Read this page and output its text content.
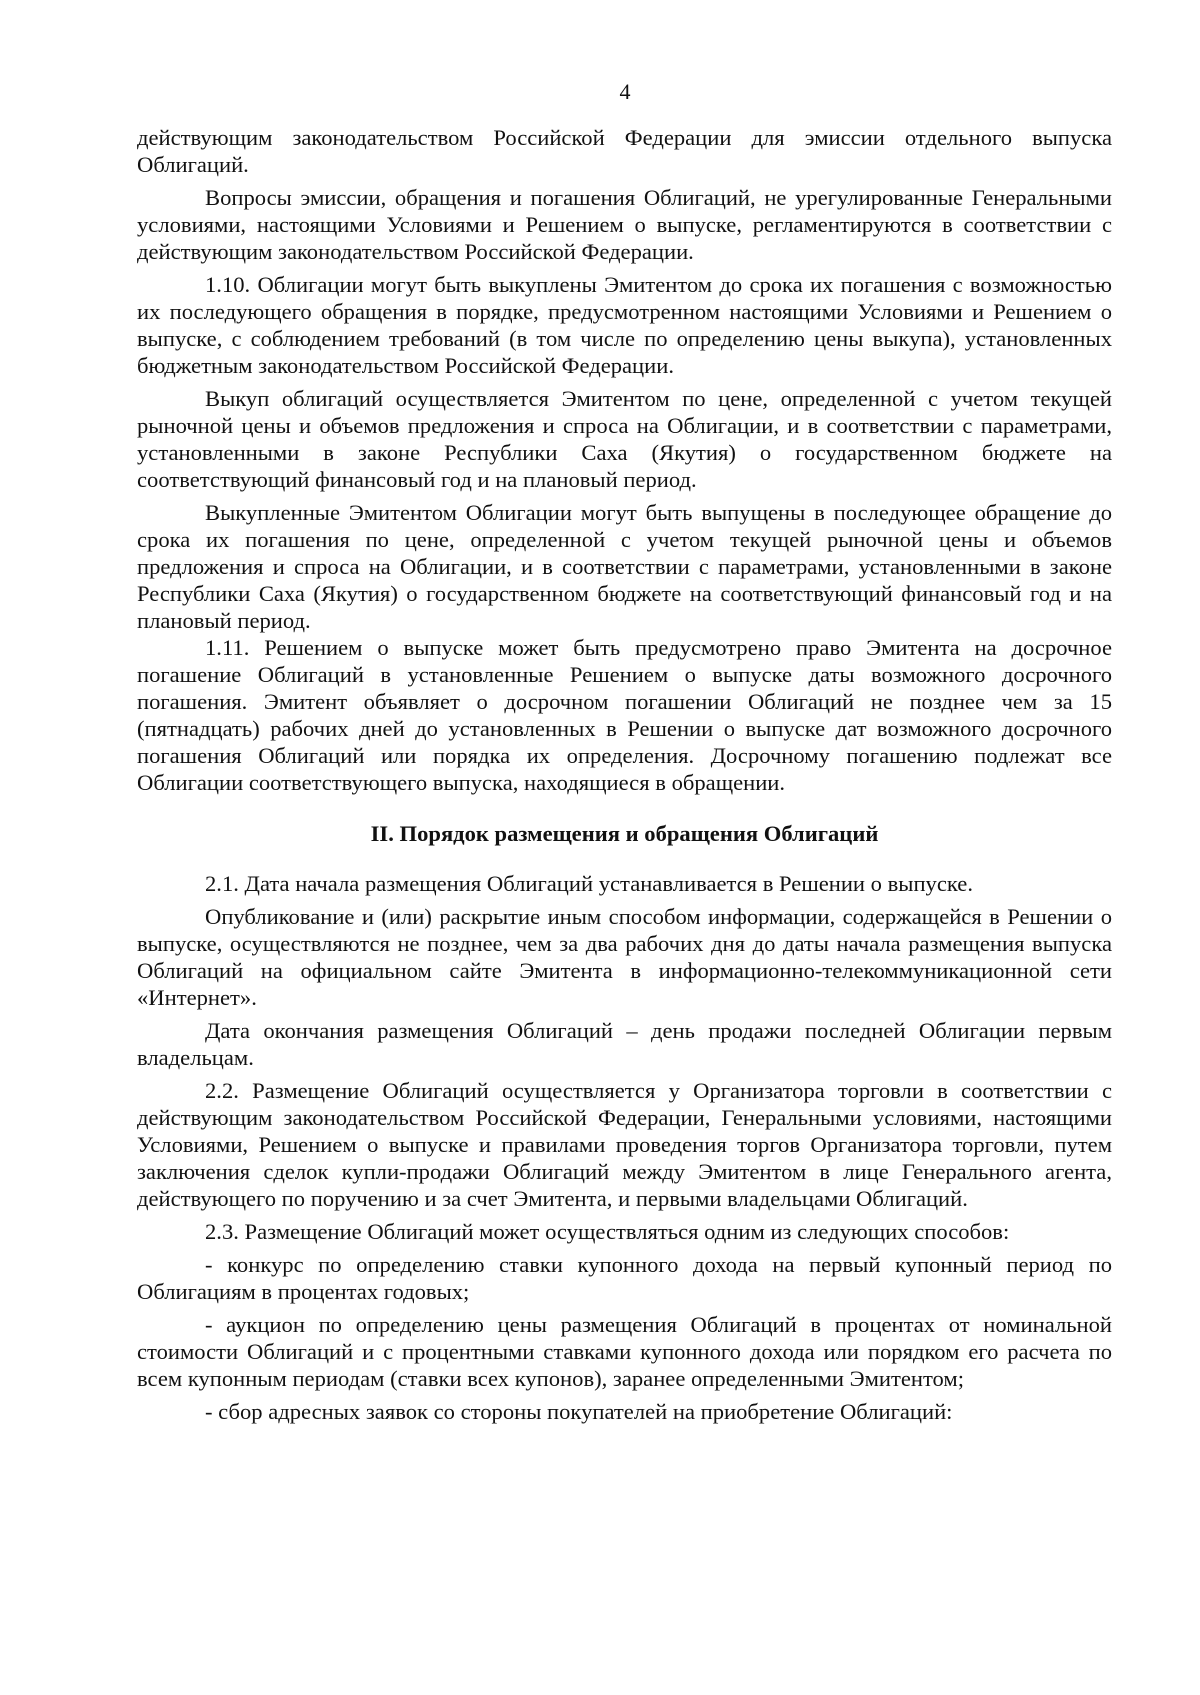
4

действующим законодательством Российской Федерации для эмиссии отдельного выпуска Облигаций.

Вопросы эмиссии, обращения и погашения Облигаций, не урегулированные Генеральными условиями, настоящими Условиями и Решением о выпуске, регламентируются в соответствии с действующим законодательством Российской Федерации.

1.10. Облигации могут быть выкуплены Эмитентом до срока их погашения с возможностью их последующего обращения в порядке, предусмотренном настоящими Условиями и Решением о выпуске, с соблюдением требований (в том числе по определению цены выкупа), установленных бюджетным законодательством Российской Федерации.

Выкуп облигаций осуществляется Эмитентом по цене, определенной с учетом текущей рыночной цены и объемов предложения и спроса на Облигации, и в соответствии с параметрами, установленными в законе Республики Саха (Якутия) о государственном бюджете на соответствующий финансовый год и на плановый период.

Выкупленные Эмитентом Облигации могут быть выпущены в последующее обращение до срока их погашения по цене, определенной с учетом текущей рыночной цены и объемов предложения и спроса на Облигации, и в соответствии с параметрами, установленными в законе Республики Саха (Якутия) о государственном бюджете на соответствующий финансовый год и на плановый период.

1.11. Решением о выпуске может быть предусмотрено право Эмитента на досрочное погашение Облигаций в установленные Решением о выпуске даты возможного досрочного погашения. Эмитент объявляет о досрочном погашении Облигаций не позднее чем за 15 (пятнадцать) рабочих дней до установленных в Решении о выпуске дат возможного досрочного погашения Облигаций или порядка их определения. Досрочному погашению подлежат все Облигации соответствующего выпуска, находящиеся в обращении.

II. Порядок размещения и обращения Облигаций

2.1. Дата начала размещения Облигаций устанавливается в Решении о выпуске.

Опубликование и (или) раскрытие иным способом информации, содержащейся в Решении о выпуске, осуществляются не позднее, чем за два рабочих дня до даты начала размещения выпуска Облигаций на официальном сайте Эмитента в информационно-телекоммуникационной сети «Интернет».

Дата окончания размещения Облигаций – день продажи последней Облигации первым владельцам.

2.2. Размещение Облигаций осуществляется у Организатора торговли в соответствии с действующим законодательством Российской Федерации, Генеральными условиями, настоящими Условиями, Решением о выпуске и правилами проведения торгов Организатора торговли, путем заключения сделок купли-продажи Облигаций между Эмитентом в лице Генерального агента, действующего по поручению и за счет Эмитента, и первыми владельцами Облигаций.

2.3. Размещение Облигаций может осуществляться одним из следующих способов:

- конкурс по определению ставки купонного дохода на первый купонный период по Облигациям в процентах годовых;

- аукцион по определению цены размещения Облигаций в процентах от номинальной стоимости Облигаций и с процентными ставками купонного дохода или порядком его расчета по всем купонным периодам (ставки всех купонов), заранее определенными Эмитентом;

- сбор адресных заявок со стороны покупателей на приобретение Облигаций:
